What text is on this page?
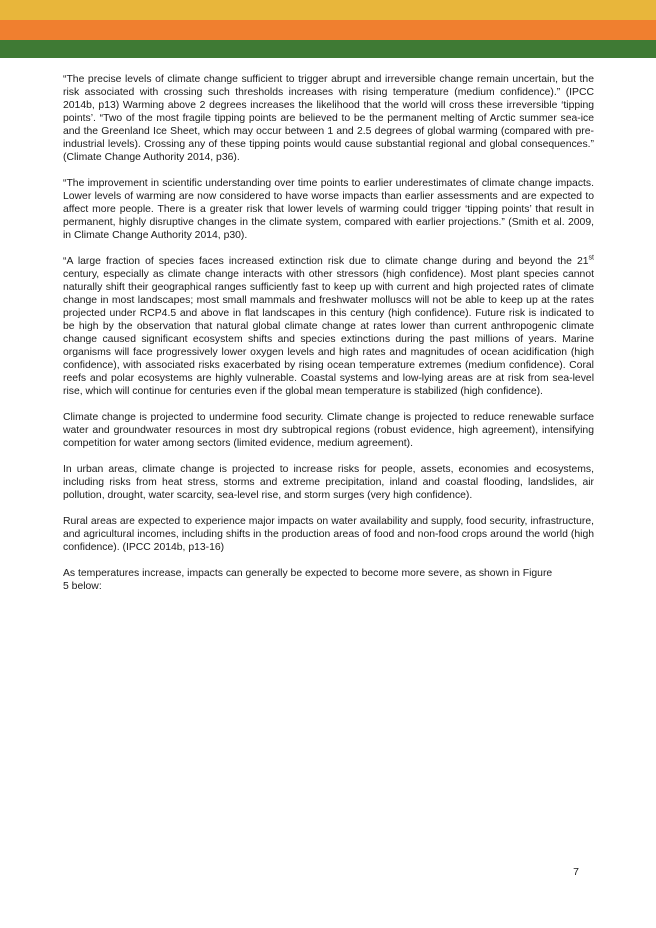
“The precise levels of climate change sufficient to trigger abrupt and irreversible change remain uncertain, but the risk associated with crossing such thresholds increases with rising temperature (medium confidence).” (IPCC 2014b, p13) Warming above 2 degrees increases the likelihood that the world will cross these irreversible ‘tipping points’. “Two of the most fragile tipping points are believed to be the permanent melting of Arctic summer sea-ice and the Greenland Ice Sheet, which may occur between 1 and 2.5 degrees of global warming (compared with pre-industrial levels). Crossing any of these tipping points would cause substantial regional and global consequences.” (Climate Change Authority 2014, p36).

“The improvement in scientific understanding over time points to earlier underestimates of climate change impacts. Lower levels of warming are now considered to have worse impacts than earlier assessments and are expected to affect more people. There is a greater risk that lower levels of warming could trigger ‘tipping points’ that result in permanent, highly disruptive changes in the climate system, compared with earlier projections.” (Smith et al. 2009, in Climate Change Authority 2014, p30).

“A large fraction of species faces increased extinction risk due to climate change during and beyond the 21st century, especially as climate change interacts with other stressors (high confidence). Most plant species cannot naturally shift their geographical ranges sufficiently fast to keep up with current and high projected rates of climate change in most landscapes; most small mammals and freshwater molluscs will not be able to keep up at the rates projected under RCP4.5 and above in flat landscapes in this century (high confidence). Future risk is indicated to be high by the observation that natural global climate change at rates lower than current anthropogenic climate change caused significant ecosystem shifts and species extinctions during the past millions of years. Marine organisms will face progressively lower oxygen levels and high rates and magnitudes of ocean acidification (high confidence), with associated risks exacerbated by rising ocean temperature extremes (medium confidence). Coral reefs and polar ecosystems are highly vulnerable. Coastal systems and low-lying areas are at risk from sea-level rise, which will continue for centuries even if the global mean temperature is stabilized (high confidence).

Climate change is projected to undermine food security. Climate change is projected to reduce renewable surface water and groundwater resources in most dry subtropical regions (robust evidence, high agreement), intensifying competition for water among sectors (limited evidence, medium agreement).

In urban areas, climate change is projected to increase risks for people, assets, economies and ecosystems, including risks from heat stress, storms and extreme precipitation, inland and coastal flooding, landslides, air pollution, drought, water scarcity, sea-level rise, and storm surges (very high confidence).

Rural areas are expected to experience major impacts on water availability and supply, food security, infrastructure, and agricultural incomes, including shifts in the production areas of food and non-food crops around the world (high confidence). (IPCC 2014b, p13-16)

As temperatures increase, impacts can generally be expected to become more severe, as shown in Figure 5 below:

7
